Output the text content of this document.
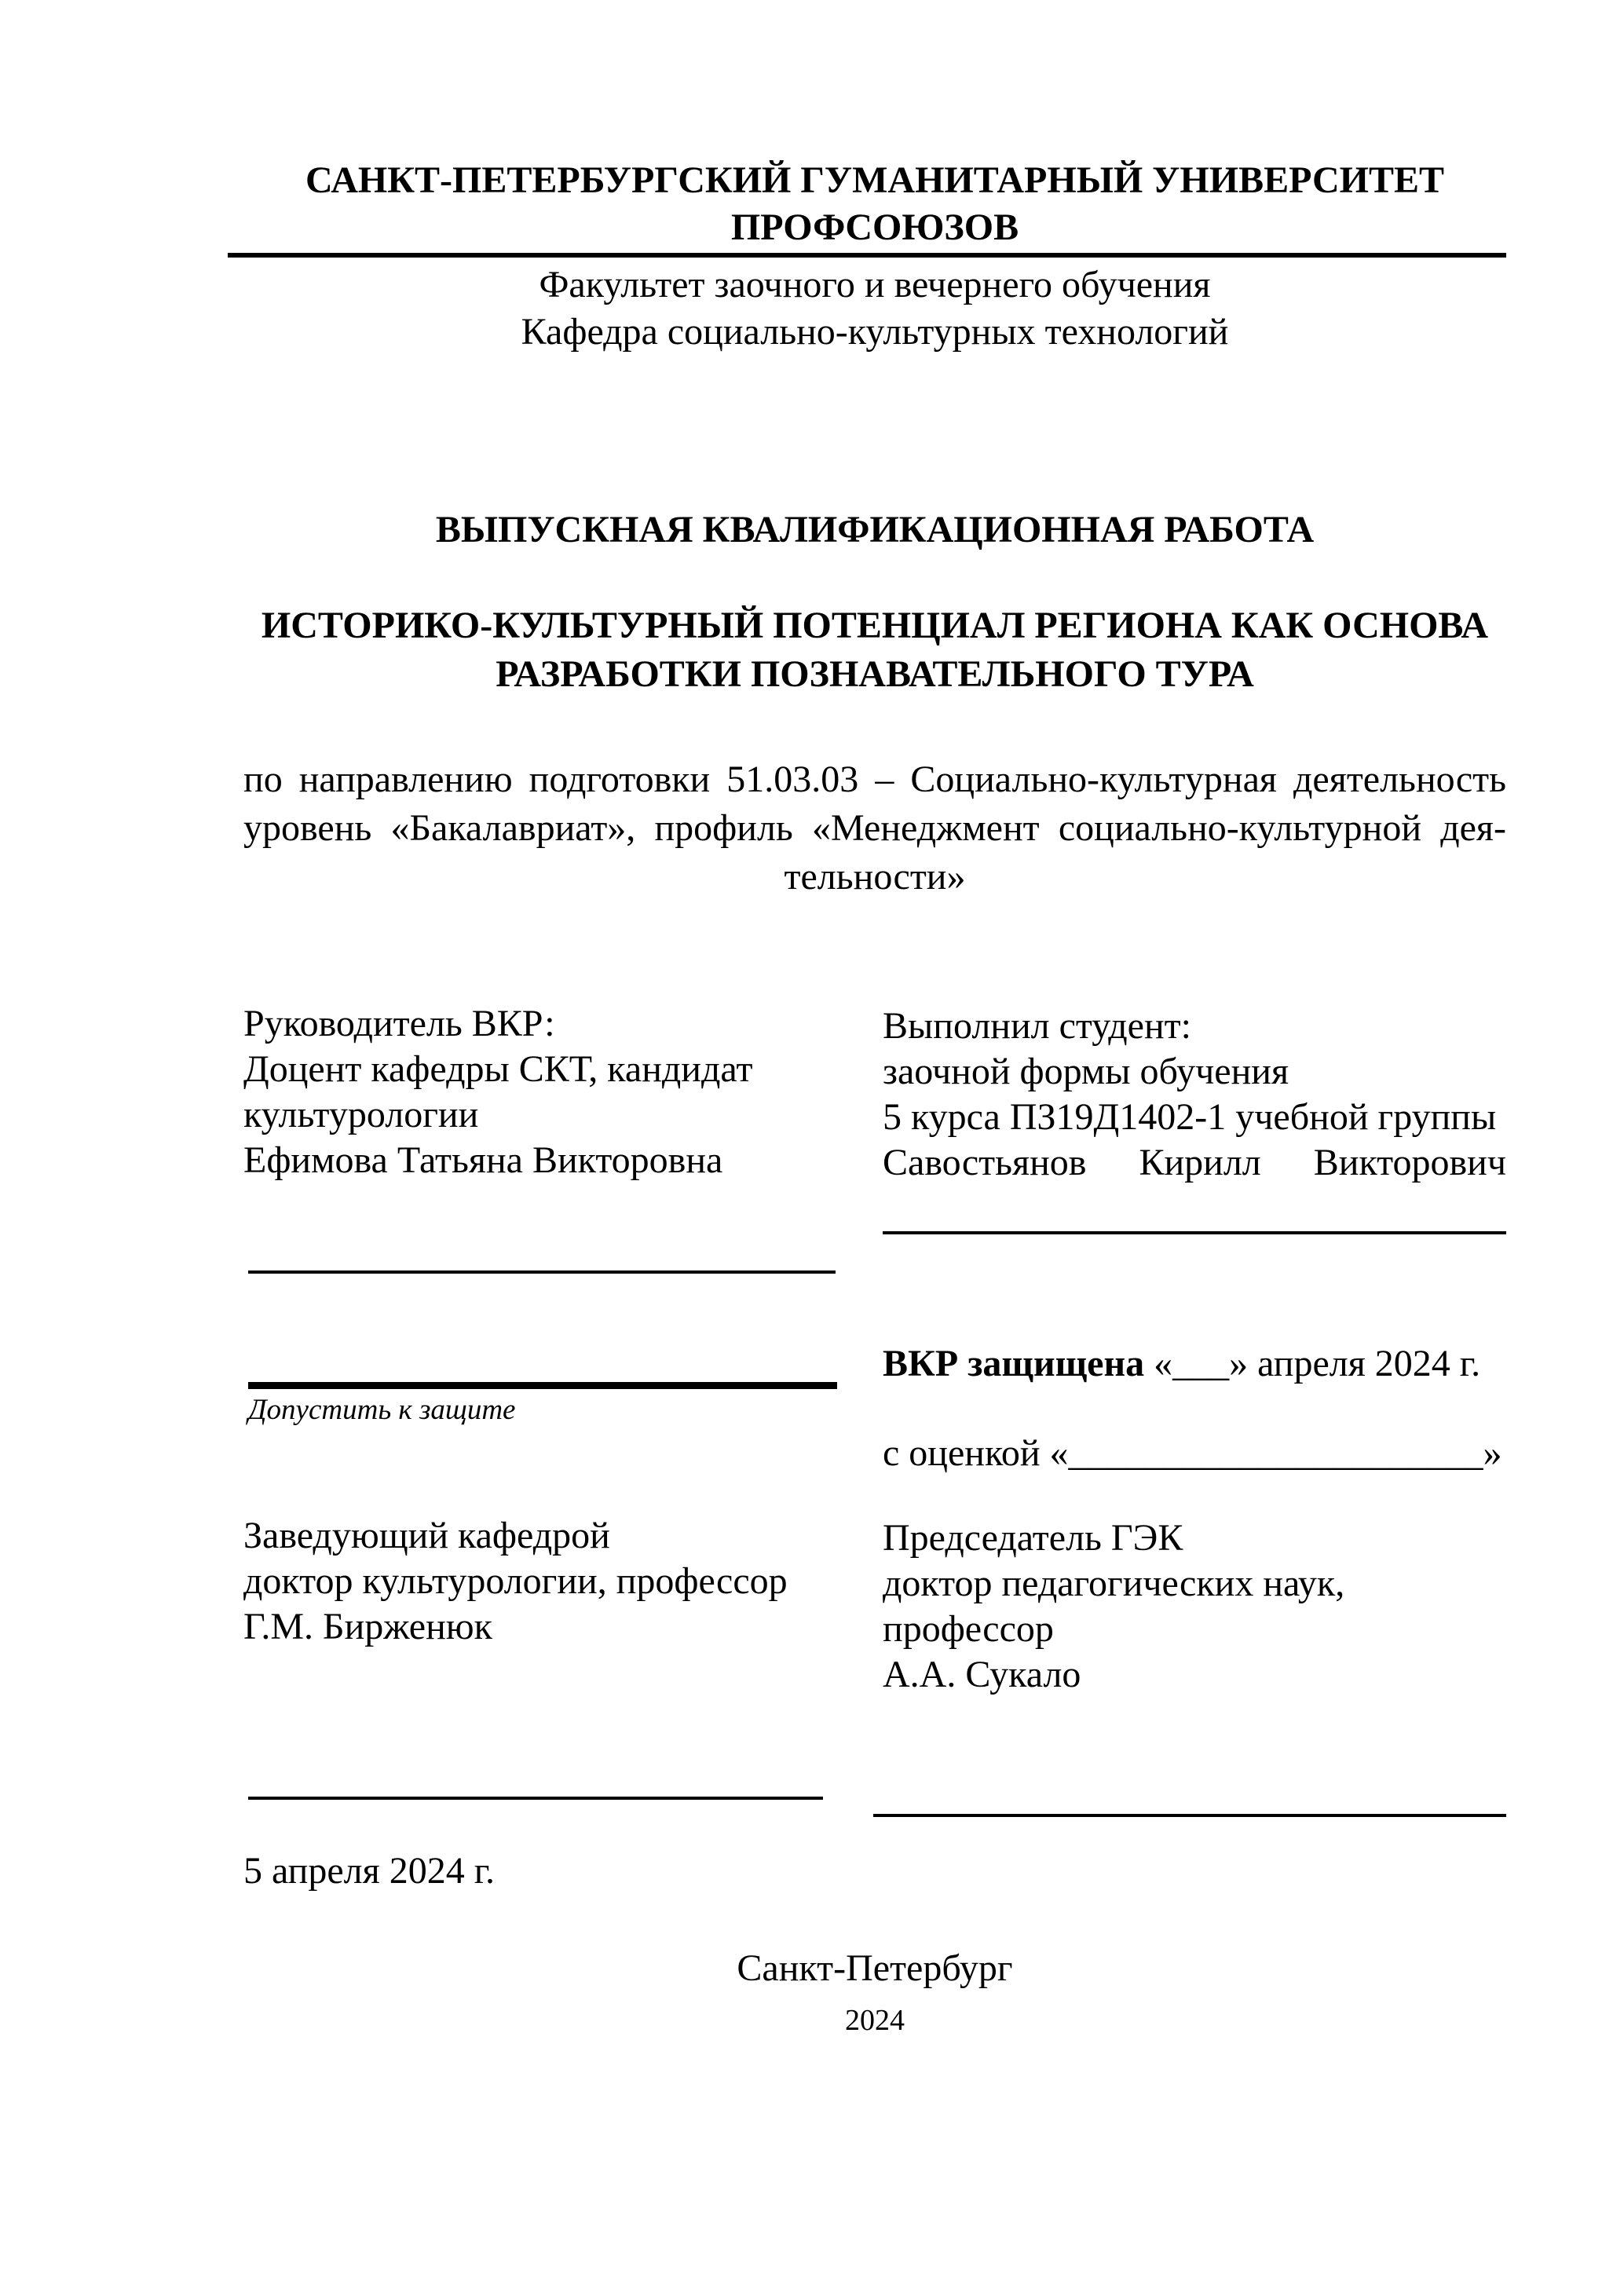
САНКТ-ПЕТЕРБУРГСКИЙ ГУМАНИТАРНЫЙ УНИВЕРСИТЕТ
ПРОФСОЮЗОВ
Факультет заочного и вечернего обучения
Кафедра социально-культурных технологий
ВЫПУСКНАЯ КВАЛИФИКАЦИОННАЯ РАБОТА
ИСТОРИКО-КУЛЬТУРНЫЙ ПОТЕНЦИАЛ РЕГИОНА КАК ОСНОВА
РАЗРАБОТКИ ПОЗНАВАТЕЛЬНОГО ТУРА
по направлению подготовки 51.03.03 – Социально-культурная деятельность
уровень «Бакалавриат», профиль «Менеджмент социально-культурной дея-
тельности»
Руководитель ВКР:
Доцент кафедры СКТ, кандидат
культурологии
Ефимова Татьяна Викторовна
Выполнил студент:
заочной формы обучения
5 курса ПЗ19Д1402-1 учебной группы
Савостьянов Кирилл Викторович
Допустить к защите
ВКР защищена «___» апреля 2024 г.
с оценкой «______________________»
Заведующий кафедрой
доктор культурологии, профессор
Г.М. Бирженюк
Председатель ГЭК
доктор педагогических наук,
профессор
А.А. Сукало
5 апреля 2024 г.
Санкт-Петербург
2024
